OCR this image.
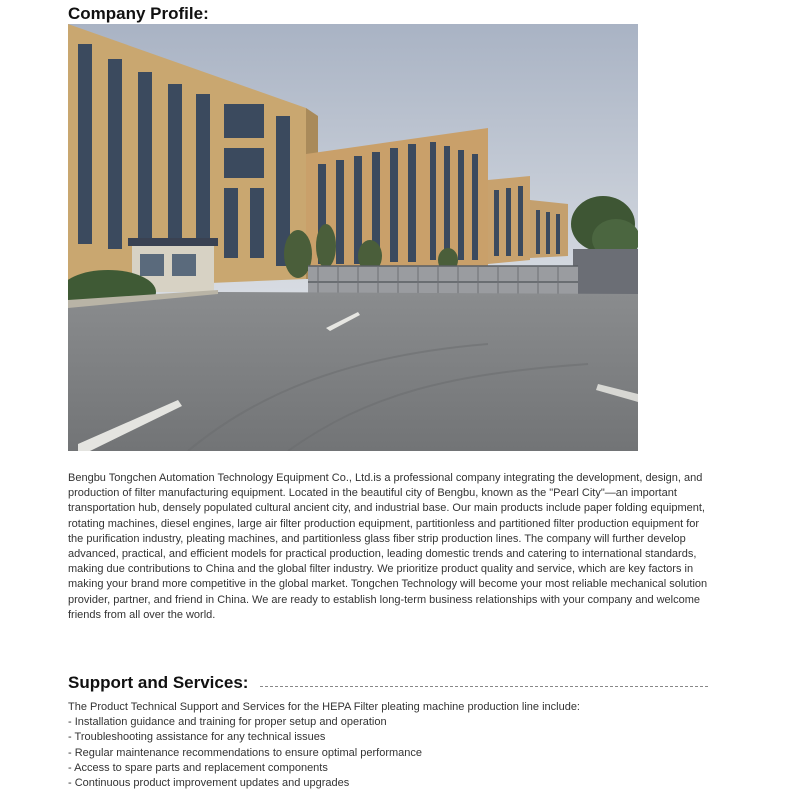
Company Profile:

Bengbu Tongchen Automation Technology Equipment Co., Ltd.is a professional company integrating the development, design, and production of filter manufacturing equipment. Located in the beautiful city of Bengbu, known as the "Pearl City"—an important transportation hub, densely populated cultural ancient city, and industrial base. Our main products include paper folding equipment, rotating machines, diesel engines, large air filter production equipment, partitionless and partitioned filter production equipment for the purification industry, pleating machines, and partitionless glass fiber strip production lines. The company will further develop advanced, practical, and efficient models for practical production, leading domestic trends and catering to international standards, making due contributions to China and the global filter industry. We prioritize product quality and service, which are key factors in making your brand more competitive in the global market. Tongchen Technology will become your most reliable mechanical solution provider, partner, and friend in China. We are ready to establish long-term business relationships with your company and welcome friends from all over the world.

Support and Services:

The Product Technical Support and Services for the HEPA Filter pleating machine production line include:

- Installation guidance and training for proper setup and operation
- Troubleshooting assistance for any technical issues
- Regular maintenance recommendations to ensure optimal performance
- Access to spare parts and replacement components
- Continuous product improvement updates and upgrades
